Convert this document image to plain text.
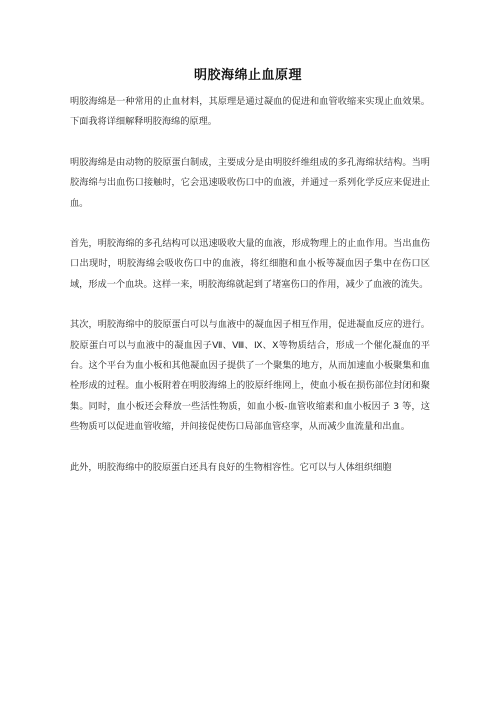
明胶海绵止血原理

明胶海绵是一种常用的止血材料，其原理是通过凝血的促进和血管收缩来实现止血效果。下面我将详细解释明胶海绵的原理。

明胶海绵是由动物的胶原蛋白制成，主要成分是由明胶纤维组成的多孔海绵状结构。当明胶海绵与出血伤口接触时，它会迅速吸收伤口中的血液，并通过一系列化学反应来促进止血。

首先，明胶海绵的多孔结构可以迅速吸收大量的血液，形成物理上的止血作用。当出血伤口出现时，明胶海绵会吸收伤口中的血液，将红细胞和血小板等凝血因子集中在伤口区域，形成一个血块。这样一来，明胶海绵就起到了堵塞伤口的作用，减少了血液的流失。

其次，明胶海绵中的胶原蛋白可以与血液中的凝血因子相互作用，促进凝血反应的进行。胶原蛋白可以与血液中的凝血因子Ⅶ、Ⅷ、Ⅸ、Ⅹ等物质结合，形成一个催化凝血的平台。这个平台为血小板和其他凝血因子提供了一个聚集的地方，从而加速血小板聚集和血栓形成的过程。血小板附着在明胶海绵上的胶原纤维网上，使血小板在损伤部位封闭和聚集。同时，血小板还会释放一些活性物质，如血小板-血管收缩素和血小板因子 3 等，这些物质可以促进血管收缩，并间接促使伤口局部血管痉挛，从而减少血流量和出血。

此外，明胶海绵中的胶原蛋白还具有良好的生物相容性。它可以与人体组织细胞
